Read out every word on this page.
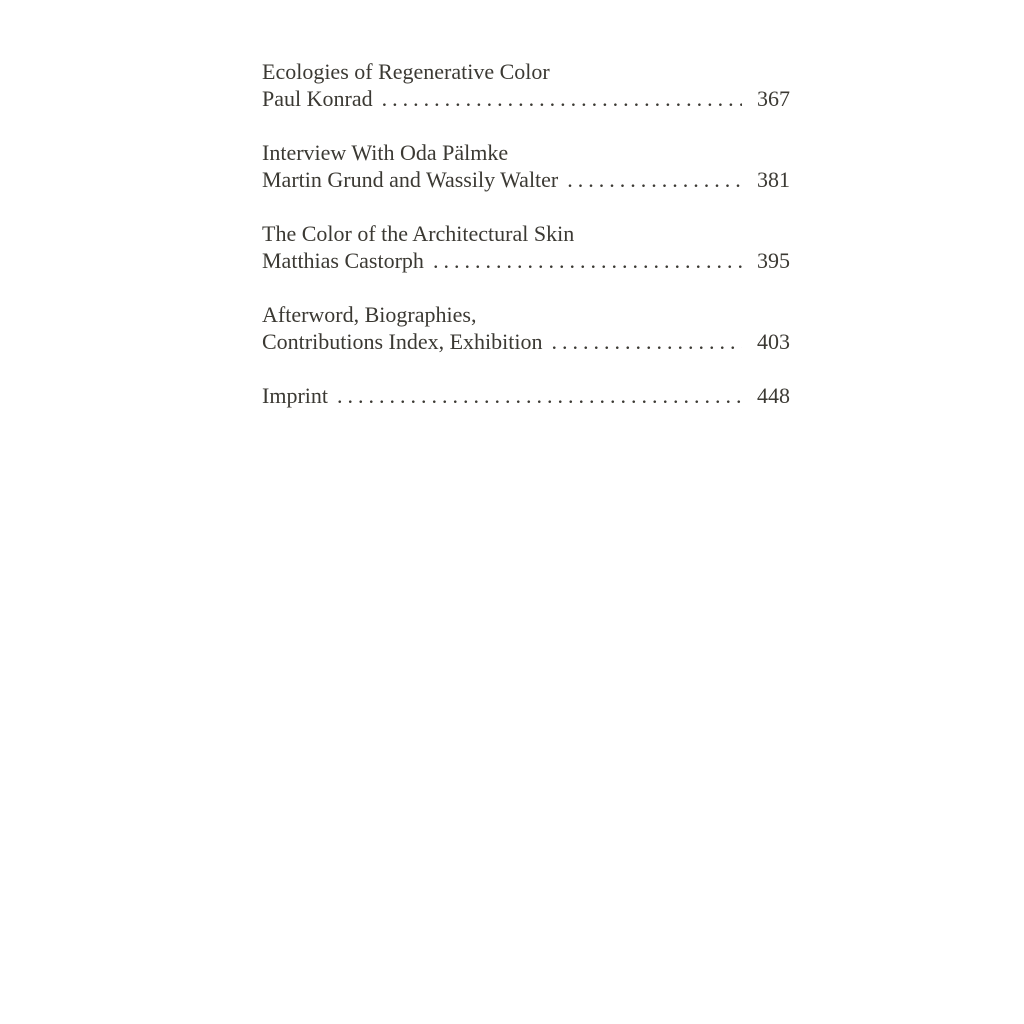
Ecologies of Regenerative Color
Paul Konrad .....	367
Interview With Oda Pälmke
Martin Grund and Wassily Walter .....	381
The Color of the Architectural Skin
Matthias Castorph .....	395
Afterword, Biographies,
Contributions Index, Exhibition .....	403
Imprint .....	448
